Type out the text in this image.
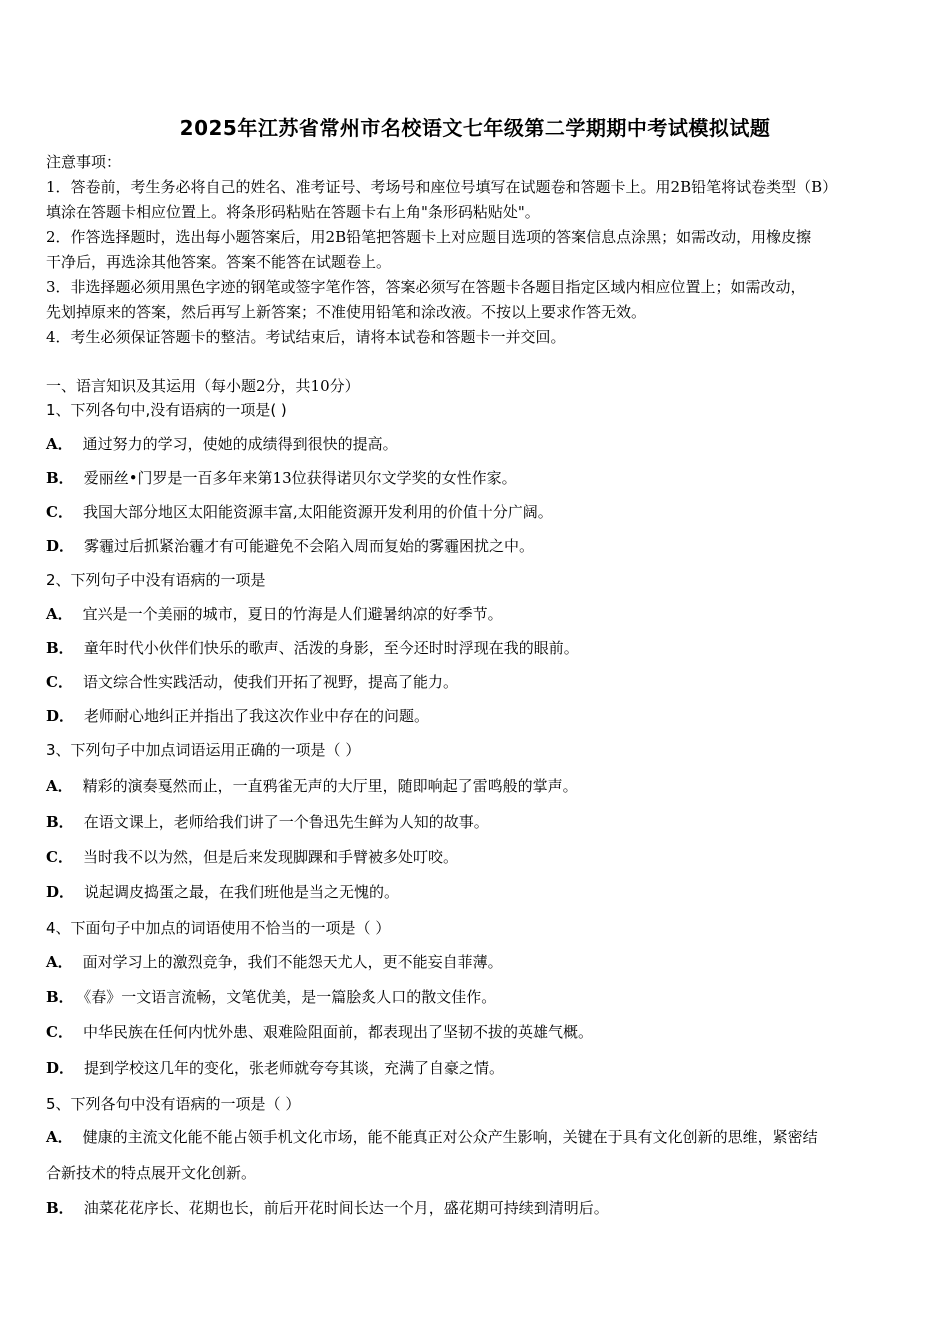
2025年江苏省常州市名校语文七年级第二学期期中考试模拟试题
注意事项：
1．答卷前，考生务必将自己的姓名、准考证号、考场号和座位号填写在试题卷和答题卡上。用2B铅笔将试卷类型（B）
填涂在答题卡相应位置上。将条形码粘贴在答题卡右上角"条形码粘贴处"。
2．作答选择题时，选出每小题答案后，用2B铅笔把答题卡上对应题目选项的答案信息点涂黑；如需改动，用橡皮擦
干净后，再选涂其他答案。答案不能答在试题卷上。
3．非选择题必须用黑色字迹的钢笔或签字笔作答，答案必须写在答题卡各题目指定区域内相应位置上；如需改动，
先划掉原来的答案，然后再写上新答案；不准使用铅笔和涂改液。不按以上要求作答无效。
4．考生必须保证答题卡的整洁。考试结束后，请将本试卷和答题卡一并交回。
一、语言知识及其运用（每小题2分，共10分）
1、下列各句中,没有语病的一项是( )
A． 通过努力的学习，使她的成绩得到很快的提高。
B． 爱丽丝•门罗是一百多年来第13位获得诺贝尔文学奖的女性作家。
C． 我国大部分地区太阳能资源丰富,太阳能资源开发利用的价值十分广阔。
D． 雾霾过后抓紧治霾才有可能避免不会陷入周而复始的雾霾困扰之中。
2、下列句子中没有语病的一项是
A． 宜兴是一个美丽的城市，夏日的竹海是人们避暑纳凉的好季节。
B． 童年时代小伙伴们快乐的歌声、活泼的身影，至今还时时浮现在我的眼前。
C． 语文综合性实践活动，使我们开拓了视野，提高了能力。
D． 老师耐心地纠正并指出了我这次作业中存在的问题。
3、下列句子中加点词语运用正确的一项是（ ）
A． 精彩的演奏戛然而止，一直鸦雀无声的大厅里，随即响起了雷鸣般的掌声。
B． 在语文课上，老师给我们讲了一个鲁迅先生鲜为人知的故事。
C． 当时我不以为然，但是后来发现脚踝和手臂被多处叮咬。
D． 说起调皮捣蛋之最，在我们班他是当之无愧的。
4、下面句子中加点的词语使用不恰当的一项是（ ）
A． 面对学习上的激烈竞争，我们不能怨天尤人，更不能妄自菲薄。
B． 《春》一文语言流畅，文笔优美，是一篇脍炙人口的散文佳作。
C． 中华民族在任何内忧外患、艰难险阻面前，都表现出了坚韧不拔的英雄气概。
D． 提到学校这几年的变化，张老师就夸夸其谈，充满了自豪之情。
5、下列各句中没有语病的一项是（ ）
A． 健康的主流文化能不能占领手机文化市场，能不能真正对公众产生影响，关键在于具有文化创新的思维，紧密结
合新技术的特点展开文化创新。
B． 油菜花花序长、花期也长，前后开花时间长达一个月，盛花期可持续到清明后。
